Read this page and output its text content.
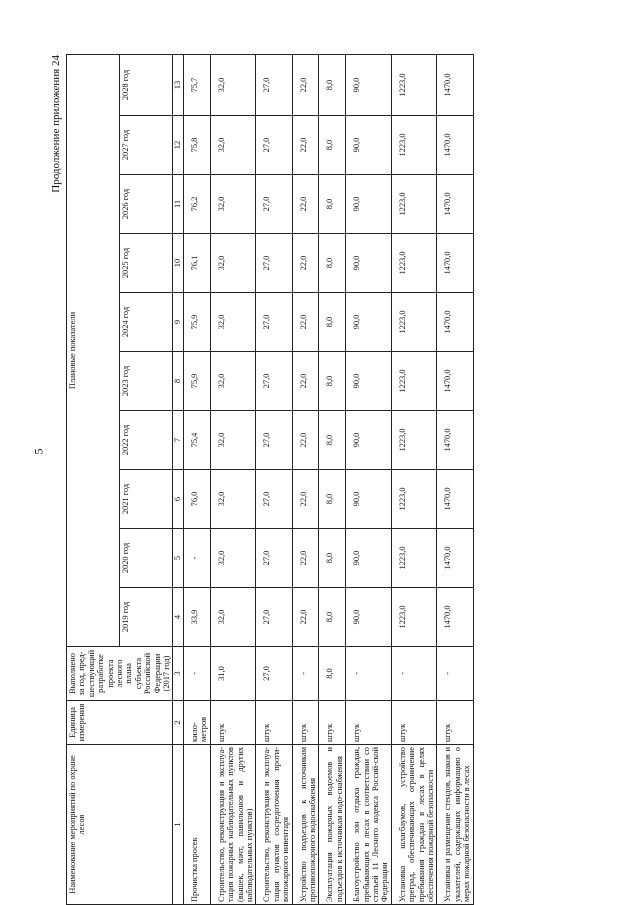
5
Продолжение приложения 24
Наименование мероприятий по охране лесов	Единица измерения	Выполнено за год, пред-шествующий разработке проекта лесного плана субъекта Российской Федерации (2017 год)	Плановые показатели									
			2019 год	2020 год	2021 год	2022 год	2023 год	2024 год	2025 год	2026 год	2027 год	2028 год
1	2	3	4	5	6	7	8	9	10	11	12	13
Прочистка просек	кило-метров	-	33,9	-	76,0	75,4	75,9	75,9	76,1	76,2	75,8	75,7
Строительство, реконструкция и эксплуа-тация пожарных наблюдательных пунктов (вышек, мачт, павильонов и других наблюдательных пунктов)	штук	31,0	32,0	32,0	32,0	32,0	32,0	32,0	32,0	32,0	32,0	32,0
Строительство, реконструкция и эксплуа-тация пунктов сосредоточения проти-вопожарного инвентаря	штук	27,0	27,0	27,0	27,0	27,0	27,0	27,0	27,0	27,0	27,0	27,0
Устройство подъездов к источникам противопожарного водоснабжения	штук	-	22,0	22,0	22,0	22,0	22,0	22,0	22,0	22,0	22,0	22,0
Эксплуатация пожарных водоемов и подъездов к источникам водо-снабжения	штук	8,0	8,0	8,0	8,0	8,0	8,0	8,0	8,0	8,0	8,0	8,0
Благоустройство зон отдыха граждан, пребывающих в лесах в соответствии со статьей 11 Лесного кодекса Россий-ской Федерации	штук	-	90,0	90,0	90,0	90,0	90,0	90,0	90,0	90,0	90,0	90,0
Установка шлагбаумов, устройство преград, обеспечивающих ограничение пребывания граждан в лесах в целях обеспечения пожарной безопасности	штук	-	1223,0	1223,0	1223,0	1223,0	1223,0	1223,0	1223,0	1223,0	1223,0	1223,0
Установка и размещение стендов, знаков и указателей, содержащих информацию о мерах пожарной безопасности в лесах	штук	-	1470,0	1470,0	1470,0	1470,0	1470,0	1470,0	1470,0	1470,0	1470,0	1470,0
